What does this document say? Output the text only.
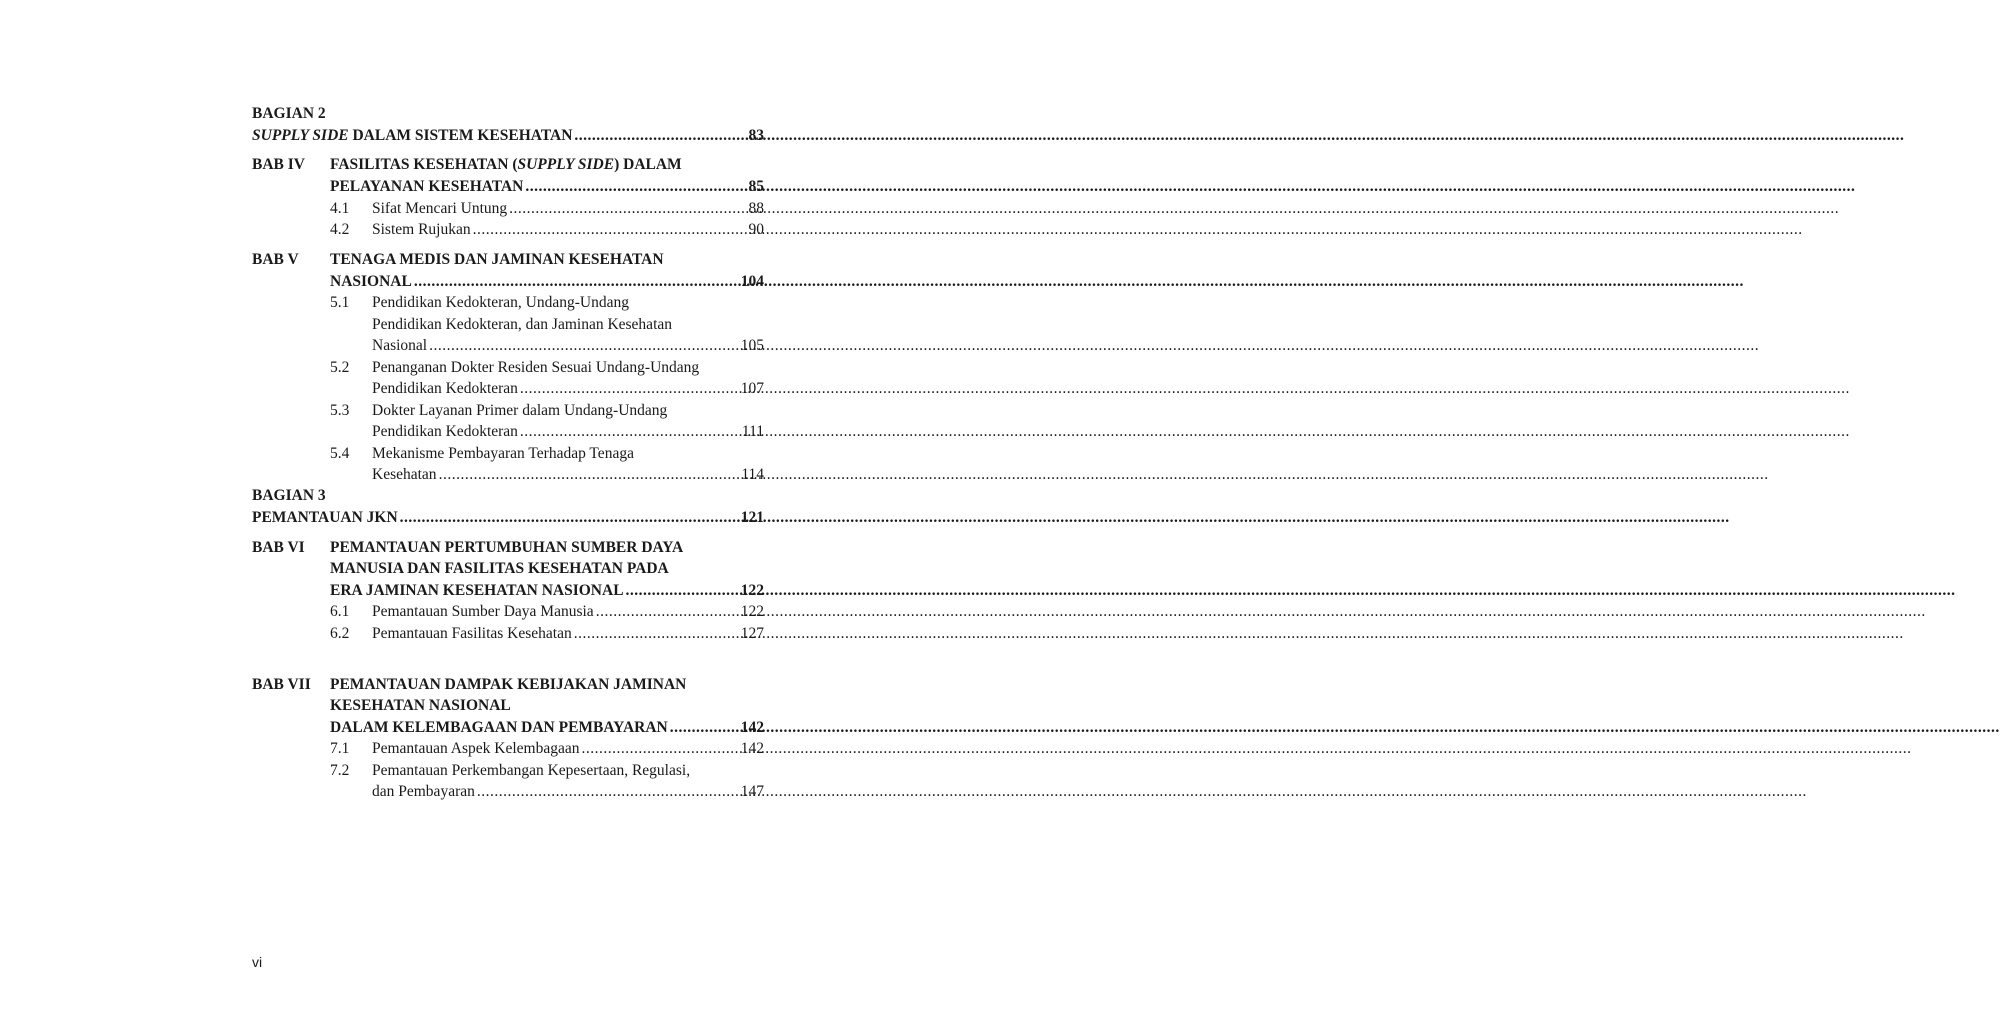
BAGIAN 2
SUPPLY SIDE DALAM SISTEM KESEHATAN .....	83
BAB IV FASILITAS KESEHATAN (SUPPLY SIDE) DALAM
PELAYANAN KESEHATAN .....	85
4.1	Sifat Mencari Untung .....	88
4.2	Sistem Rujukan .....	90
BAB V TENAGA MEDIS DAN JAMINAN KESEHATAN
NASIONAL .....	104
5.1	Pendidikan Kedokteran, Undang-Undang
Pendidikan Kedokteran, dan Jaminan Kesehatan
Nasional .....	105
5.2	Penanganan Dokter Residen Sesuai Undang-Undang
Pendidikan Kedokteran .....	107
5.3	Dokter Layanan Primer dalam Undang-Undang
Pendidikan Kedokteran .....	111
5.4	Mekanisme Pembayaran Terhadap Tenaga
Kesehatan .....	114
BAGIAN 3
PEMANTAUAN JKN .....	121
BAB VI PEMANTAUAN PERTUMBUHAN SUMBER DAYA
MANUSIA DAN FASILITAS KESEHATAN PADA
ERA JAMINAN KESEHATAN NASIONAL .....	122
6.1	Pemantauan Sumber Daya Manusia .....	122
6.2	Pemantauan Fasilitas Kesehatan .....	127
BAB VII PEMANTAUAN DAMPAK KEBIJAKAN JAMINAN
KESEHATAN NASIONAL
DALAM KELEMBAGAAN DAN PEMBAYARAN .....	142
7.1	Pemantauan Aspek Kelembagaan .....	142
7.2	Pemantauan Perkembangan Kepesertaan, Regulasi,
dan Pembayaran .....	147
vi
